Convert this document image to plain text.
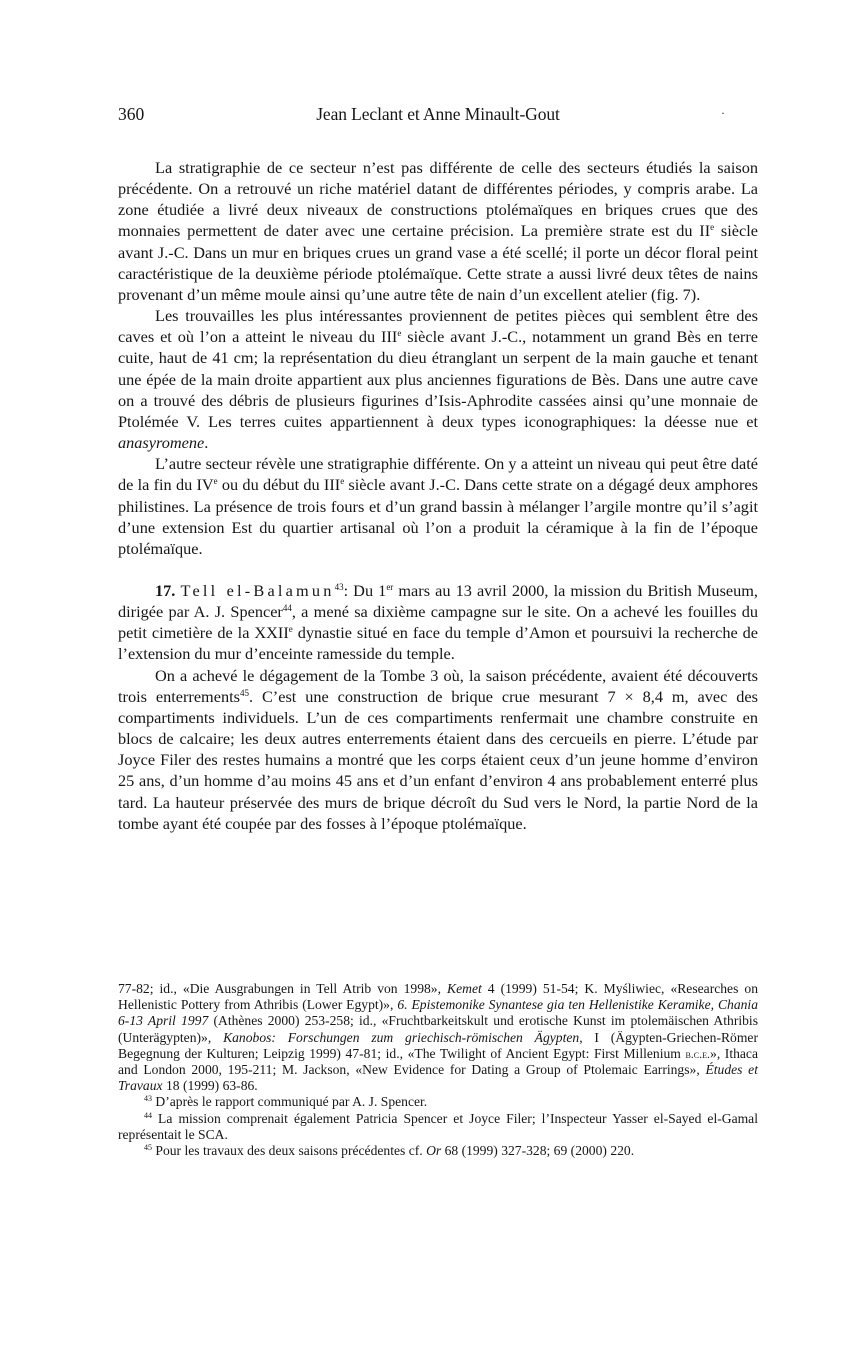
360	Jean Leclant et Anne Minault-Gout	·

La stratigraphie de ce secteur n’est pas différente de celle des secteurs étudiés la saison précédente. On a retrouvé un riche matériel datant de différentes périodes, y compris arabe. La zone étudiée a livré deux niveaux de constructions ptolémaïques en briques crues que des monnaies permettent de dater avec une certaine précision. La première strate est du IIe siècle avant J.-C. Dans un mur en briques crues un grand vase a été scellé; il porte un décor floral peint caractéristique de la deuxième période ptolémaïque. Cette strate a aussi livré deux têtes de nains provenant d’un même moule ainsi qu’une autre tête de nain d’un excellent atelier (fig. 7).

Les trouvailles les plus intéressantes proviennent de petites pièces qui semblent être des caves et où l’on a atteint le niveau du IIIe siècle avant J.-C., notamment un grand Bès en terre cuite, haut de 41 cm; la représentation du dieu étranglant un serpent de la main gauche et tenant une épée de la main droite appartient aux plus anciennes figurations de Bès. Dans une autre cave on a trouvé des débris de plusieurs figurines d’Isis-Aphrodite cassées ainsi qu’une monnaie de Ptolémée V. Les terres cuites appartiennent à deux types iconographiques: la déesse nue et anasyromene.

L’autre secteur révèle une stratigraphie différente. On y a atteint un niveau qui peut être daté de la fin du IVe ou du début du IIIe siècle avant J.-C. Dans cette strate on a dégagé deux amphores philistines. La présence de trois fours et d’un grand bassin à mélanger l’argile montre qu’il s’agit d’une extension Est du quartier artisanal où l’on a produit la céramique à la fin de l’époque ptolémaïque.

17. Tell el-Balamun$^{43}$: Du 1er mars au 13 avril 2000, la mission du British Museum, dirigée par A. J. Spencer$^{44}$, a mené sa dixième campagne sur le site. On a achevé les fouilles du petit cimetière de la XXIIe dynastie situé en face du temple d’Amon et poursuivi la recherche de l’extension du mur d’enceinte ramesside du temple.

On a achevé le dégagement de la Tombe 3 où, la saison précédente, avaient été découverts trois enterrements$^{45}$. C’est une construction de brique crue mesurant 7 × 8,4 m, avec des compartiments individuels. L’un de ces compartiments renfermait une chambre construite en blocs de calcaire; les deux autres enterrements étaient dans des cercueils en pierre. L’étude par Joyce Filer des restes humains a montré que les corps étaient ceux d’un jeune homme d’environ 25 ans, d’un homme d’au moins 45 ans et d’un enfant d’environ 4 ans probablement enterré plus tard. La hauteur préservée des murs de brique décroît du Sud vers le Nord, la partie Nord de la tombe ayant été coupée par des fosses à l’époque ptolémaïque.

77-82; id., «Die Ausgrabungen in Tell Atrib von 1998», Kemet 4 (1999) 51-54; K. Myśliwiec, «Researches on Hellenistic Pottery from Athribis (Lower Egypt)», 6. Epistemonike Synantese gia ten Hellenistike Keramike, Chania 6-13 April 1997 (Athènes 2000) 253-258; id., «Fruchtbarkeitskult und erotische Kunst im ptolemäischen Athribis (Unterägypten)», Kanobos: Forschungen zum griechisch-römischen Ägypten, I (Ägypten-Griechen-Römer Begegnung der Kulturen; Leipzig 1999) 47-81; id., «The Twilight of Ancient Egypt: First Millenium b.c.e.», Ithaca and London 2000, 195-211; M. Jackson, «New Evidence for Dating a Group of Ptolemaic Earrings», Études et Travaux 18 (1999) 63-86.

$^{43}$ D’après le rapport communiqué par A. J. Spencer.

$^{44}$ La mission comprenait également Patricia Spencer et Joyce Filer; l’Inspecteur Yasser el-Sayed el-Gamal représentait le SCA.

$^{45}$ Pour les travaux des deux saisons précédentes cf. Or 68 (1999) 327-328; 69 (2000) 220.
